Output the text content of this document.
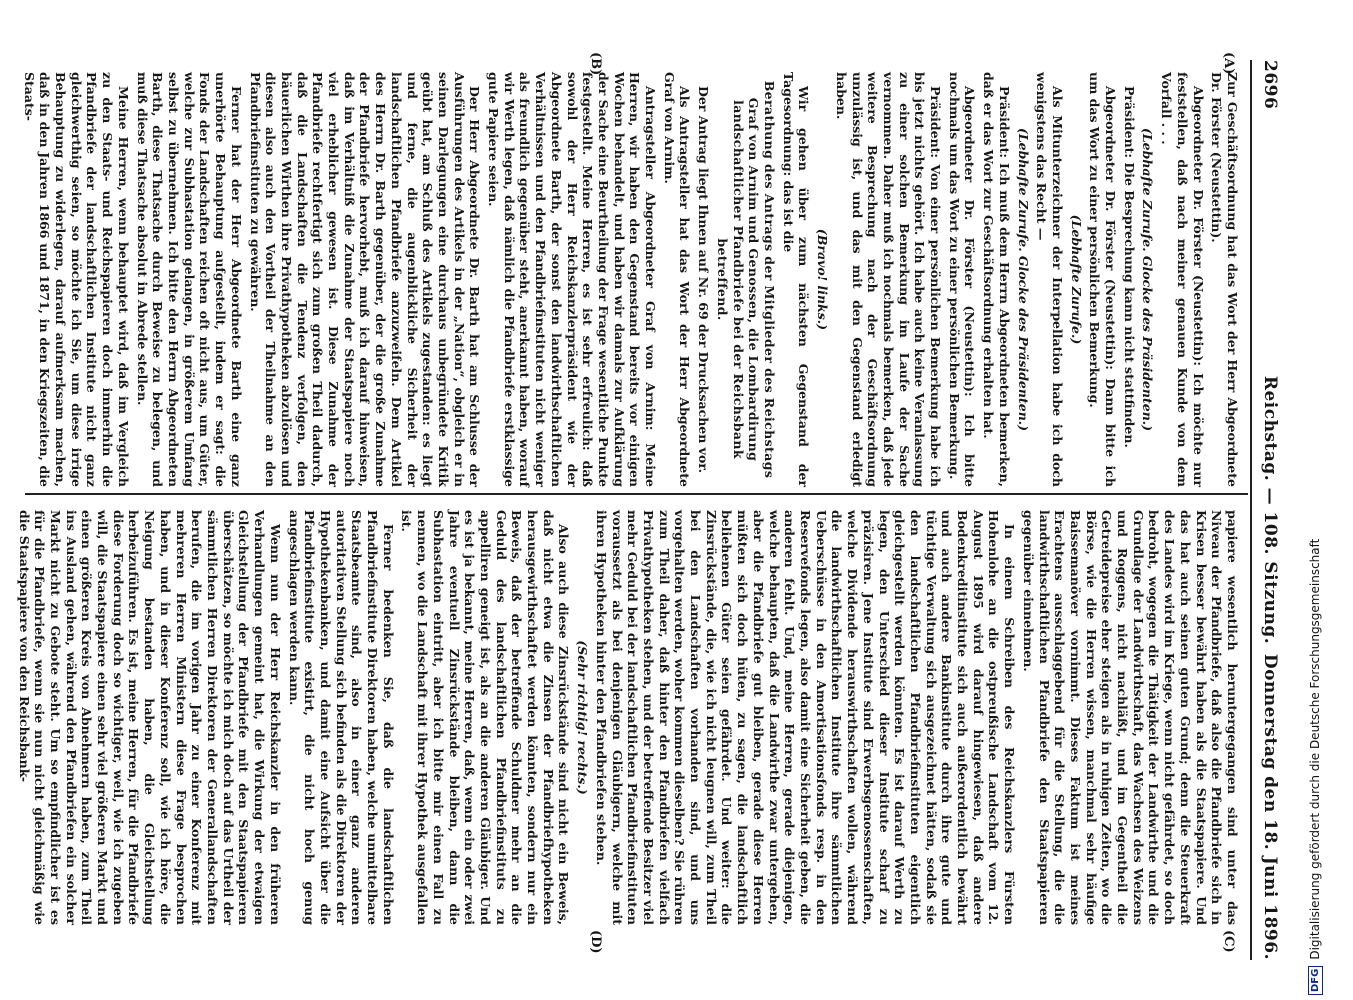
2696
Reichstag. — 108. Sitzung.
Donnerstag den 18. Juni 1896.
(A)
(B)
(C)
(D)

Zur Geschäftsordnung hat das Wort der Herr Abgeordnete Dr. Förster (Neustettin).

Abgeordneter Dr. Förster (Neustettin): Ich möchte nur feststellen, daß nach meiner genauen Kunde von dem Vorfall . . .

(Lebhafte Zurufe. Glocke des Präsidenten.)

Präsident: Die Besprechung kann nicht stattfinden.

Abgeordneter Dr. Förster (Neustettin): Dann bitte ich um das Wort zu einer persönlichen Bemerkung.

(Lebhafte Zurufe.)

Als Mitunterzeichner der Interpellation habe ich doch wenigstens das Recht —

(Lebhafte Zurufe. Glocke des Präsidenten.)

Präsident: Ich muß dem Herrn Abgeordneten bemerken, daß er das Wort zur Geschäftsordnung erhalten hat.

Abgeordneter Dr. Förster (Neustettin): Ich bitte nochmals um das Wort zu einer persönlichen Bemerkung.

Präsident: Von einer persönlichen Bemerkung habe ich bis jetzt nichts gehört. Ich habe auch keine Veranlassung zu einer solchen Bemerkung im Laufe der Sache vernommen. Daher muß ich nochmals bemerken, daß jede weitere Besprechung nach der Geschäftsordnung unzulässig ist, und das mit den Gegenstand erledigt haben.

(Bravo! links.)

Wir gehen über zum nächsten Gegenstand der Tagesordnung: das ist die

Berathung des Antrags der Mitglieder des Reichstags Graf von Arnim und Genossen, die Lombardirung landschaftlicher Pfandbriefe bei der Reichsbank betreffend.

Der Antrag liegt Ihnen auf Nr. 69 der Drucksachen vor.

Als Antragsteller hat das Wort der Herr Abgeordnete Graf von Arnim.

Antragsteller Abgeordneter Graf von Arnim: Meine Herren, wir haben den Gegenstand bereits vor einigen Wochen behandelt, und haben wir damals zur Aufklärung der Sache eine Beurtheilung der Frage wesentliche Punkte festgestellt. Meine Herren, es ist sehr erfreulich: daß sowohl der Herr Reichskanzlerpräsident wie der Abgeordnete Barth, der sonst den landwirthschaftlichen Verhältnissen und den Pfandbriefinstituten nicht weniger als freundlich gegenüber steht, anerkannt haben, worauf wir Werth legen, daß nämlich die Pfandbriefe erstklassige gute Papiere seien.

Der Herr Abgeordnete Dr. Barth hat am Schlusse der Ausführungen des Artikels in der „Nation“, obgleich er in seinen Darlegungen eine durchaus unbegründete Kritik geübt hat, am Schluß des Artikels zugestanden: es liegt und ferne, die augenblickliche Sicherheit der landschaftlichen Pfandbriefe anzuzweifeln. Dem Artikel des Herrn Dr. Barth gegenüber, der die große Zunahme der Pfandbriefe hervorhebt, muß ich darauf hinweisen, daß im Verhältniß die Zunahme der Staatspapiere noch viel erheblicher gewesen ist. Diese Zunahme der Pfandbriefe rechtfertigt sich zum großen Theil dadurch, daß die Landschaften die Tendenz verfolgen, den bäuerlichen Wirthen ihre Privathypotheken abzulösen und diesen also auch den Vortheil der Theilnahme an den Pfandbriefinstituten zu gewähren.

Ferner hat der Herr Abgeordnete Barth eine ganz unerhörte Behauptung aufgestellt, indem er sagt: die Fonds der Landschaften reichen oft nicht aus, um Güter, welche zur Subhastation gelangen, in größerem Umfang selbst zu übernehmen. Ich bitte den Herrn Abgeordneten Barth, diese Thatsache durch Beweise zu belegen, und muß diese Thatsache absolut in Abrede stellen.

Meine Herren, wenn behauptet wird, daß im Vergleich zu den Staats- und Reichspapieren doch immerhin die Pfandbriefe der landschaftlichen Institute nicht ganz gleichwerthig seien, so möchte ich Sie, um diese irrige Behauptung zu widerlegen, darauf aufmerksam machen, daß in den Jahren 1866 und 1871, in den Kriegszeiten, die Staats-

papiere wesentlich heruntergegangen sind unter das Niveau der Pfandbriefe, daß also die Pfandbriefe sich in Krisen besser bewährt haben als die Staatspapiere. Und das hat auch seinen guten Grund; denn die Steuerkraft des Landes wird im Kriege, wenn nicht gefährdet, so doch bedroht, wogegen die Thätigkeit der Landwirthe und die Grundlage der Landwirthschaft, das Wachsen des Weizens und Roggens, nicht nachläßt, und im Gegentheil die Getreidepreise eher steigen als in ruhigen Zeiten, wo die Börse, wie die Herren wissen, manchmal sehr häufige Baissemanöver vornimmt. Dieses Faktum ist meines Erachtens ausschlaggebend für die Stellung, die die landwirthschaftlichen Pfandbriefe den Staatspapieren gegenüber einnehmen.

In einem Schreiben des Reichskanzlers Fürsten Hohenlohe an die ostpreußische Landschaft vom 12. August 1895 wird darauf hingewiesen, daß andere Bodenkreditinstitute sich auch außerordentlich bewährt und auch andere Bankinstitute durch ihre gute und tüchtige Verwaltung sich ausgezeichnet hätten, sodaß sie den landschaftlichen Pfandbriefinstituten eigentlich gleichgestellt werden könnten. Es ist darauf Werth zu legen, den Unterschied dieser Institute scharf zu präzisiren. Jene Institute sind Erwerbsgenossenschaften, welche Dividende herauswirthschaften wollen, während die landwirthschaftlichen Institute ihre sämmtlichen Ueberschüsse in den Amortisationsfonds resp. in den Reservefonds legen, also damit eine Sicherheit geben, die anderen fehlt. Und, meine Herren, gerade diejenigen, welche behaupten, daß die Landwirthe zwar untergehen, aber die Pfandbriefe gut bleiben, gerade diese Herren müßten sich doch hüten, zu sagen, die landschaftlich beliehenen Güter seien gefährdet. Und weiter: die Zinsrückstände, die, wie ich nicht leugnen will, zum Theil bei den Landschaften vorhanden sind, und uns vorgehalten werden, woher kommen dieselben? Sie rühren zum Theil daher, daß hinter den Pfandbriefen vielfach Privathypotheken stehen, und der betreffende Besitzer viel mehr Geduld bei der landschaftlichen Pfandbriefinstituten voraussetzt als bei denjenigen Gläubigern, welche mit ihren Hypotheken hinter den Pfandbriefen stehen.

(Sehr richtig! rechts.)

Also auch diese Zinsrückstände sind nicht ein Beweis, daß nicht etwa die Zinsen der Pfandbriefhypotheken herausgewirthschaftet werden könnten, sondern nur ein Beweis, daß der betreffende Schuldner mehr an die Geduld des landschaftlichen Pfandbriefinstituts zu appelliren geneigt ist, als an die anderen Gläubiger. Und es ist ja bekannt, meine Herren, daß, wenn ein oder zwei Jahre eventuell Zinsrückstände bleiben, dann die Subhastation eintritt, aber ich bitte mir einen Fall zu nennen, wo die Landschaft mit ihrer Hypothek ausgefallen ist.

Ferner bedenken Sie, daß die landschaftlichen Pfandbriefinstitute Direktoren haben, welche unmittelbare Staatsbeamte sind, also in einer ganz anderen autoritativen Stellung sich befinden als die Direktoren der Hypothekenbanken, und damit eine Aufsicht über die Pfandbriefinstitute existirt, die nicht hoch genug angeschlagen werden kann.

Wenn nun der Herr Reichskanzler in den früheren Verhandlungen gemeint hat, die Wirkung der etwaigen Gleichstellung der Pfandbriefe mit den Staatspapieren überschätzen, so möchte ich mich doch auf das Urtheil der sämmtlichen Herren Direktoren der Generallandschaften berufen, die im vorigen Jahr zu einer Konferenz mit mehreren Herren Ministern diese Frage besprochen haben, und in dieser Konferenz soll, wie ich höre, die Neigung bestanden haben, die Gleichstellung herbeizuführen. Es ist, meine Herren, für die Pfandbriefe diese Forderung doch so wichtiger, weil, wie ich zugeben will, die Staatspapiere einen sehr viel größeren Markt und einen größeren Kreis von Abnehmern haben, zum Theil ins Ausland gehen, während den Pfandbriefen ein solcher Markt nicht zu Gebote steht. Um so empfindlicher ist es für die Pfandbriefe, wenn sie nun nicht gleichmäßig wie die Staatspapiere von den Reichsbank-

DFGDigitalisierung gefördert durch die Deutsche Forschungsgemeinschaft
